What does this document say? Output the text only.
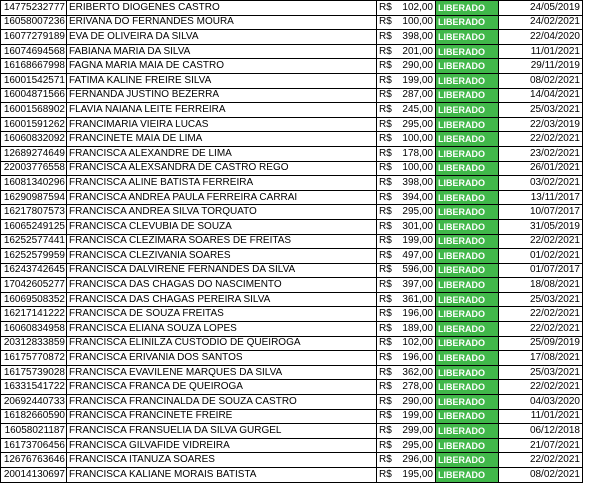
14775232777	ERIBERTO DIOGENES CASTRO	R$	102,00	LIBERADO	24/05/2019
16058007236	ERIVANA DO FERNANDES MOURA	R$	100,00	LIBERADO	24/02/2021
16077279189	EVA DE OLIVEIRA DA SILVA	R$	398,00	LIBERADO	22/04/2020
16074694568	FABIANA MARIA DA SILVA	R$	201,00	LIBERADO	11/01/2021
16168667998	FAGNA MARIA MAIA DE CASTRO	R$	290,00	LIBERADO	29/11/2019
16001542571	FATIMA KALINE FREIRE SILVA	R$	199,00	LIBERADO	08/02/2021
16004871566	FERNANDA JUSTINO BEZERRA	R$	287,00	LIBERADO	14/04/2021
16001568902	FLAVIA NAIANA LEITE FERREIRA	R$	245,00	LIBERADO	25/03/2021
16001591262	FRANCIMARIA VIEIRA LUCAS	R$	295,00	LIBERADO	22/03/2019
16060832092	FRANCINETE MAIA DE LIMA	R$	100,00	LIBERADO	22/02/2021
12689274649	FRANCISCA ALEXANDRE DE LIMA	R$	178,00	LIBERADO	23/02/2021
22003776558	FRANCISCA ALEXSANDRA DE CASTRO REGO	R$	100,00	LIBERADO	26/01/2021
16081340296	FRANCISCA ALINE BATISTA FERREIRA	R$	398,00	LIBERADO	03/02/2021
16290987594	FRANCISCA ANDREA PAULA FERREIRA CARRAI	R$	394,00	LIBERADO	13/11/2017
16217807573	FRANCISCA ANDREA SILVA TORQUATO	R$	295,00	LIBERADO	10/07/2017
16065249125	FRANCISCA CLEVUBIA DE SOUZA	R$	301,00	LIBERADO	31/05/2019
16252577441	FRANCISCA CLEZIMARA SOARES DE FREITAS	R$	199,00	LIBERADO	22/02/2021
16252579959	FRANCISCA CLEZIVANIA SOARES	R$	497,00	LIBERADO	01/02/2021
16243742645	FRANCISCA DALVIRENE FERNANDES DA SILVA	R$	596,00	LIBERADO	01/07/2017
17042605277	FRANCISCA DAS CHAGAS DO NASCIMENTO	R$	397,00	LIBERADO	18/08/2021
16069508352	FRANCISCA DAS CHAGAS PEREIRA SILVA	R$	361,00	LIBERADO	25/03/2021
16217141222	FRANCISCA DE SOUZA FREITAS	R$	196,00	LIBERADO	22/02/2021
16060834958	FRANCISCA ELIANA SOUZA LOPES	R$	189,00	LIBERADO	22/02/2021
20312833859	FRANCISCA ELINILZA CUSTODIO DE QUEIROGA	R$	102,00	LIBERADO	25/09/2019
16175770872	FRANCISCA ERIVANIA DOS SANTOS	R$	196,00	LIBERADO	17/08/2021
16175739028	FRANCISCA EVAVILENE MARQUES DA SILVA	R$	362,00	LIBERADO	25/03/2021
16331541722	FRANCISCA FRANCA DE QUEIROGA	R$	278,00	LIBERADO	22/02/2021
20692440733	FRANCISCA FRANCINALDA DE SOUZA CASTRO	R$	290,00	LIBERADO	04/03/2020
16182660590	FRANCISCA FRANCINETE FREIRE	R$	199,00	LIBERADO	11/01/2021
16058021187	FRANCISCA FRANSUELIA DA SILVA GURGEL	R$	299,00	LIBERADO	06/12/2018
16173706456	FRANCISCA GILVAFIDE VIDREIRA	R$	295,00	LIBERADO	21/07/2021
12676763646	FRANCISCA ITANUZA SOARES	R$	296,00	LIBERADO	22/02/2021
20014130697	FRANCISCA KALIANE MORAIS BATISTA	R$	195,00	LIBERADO	08/02/2021
